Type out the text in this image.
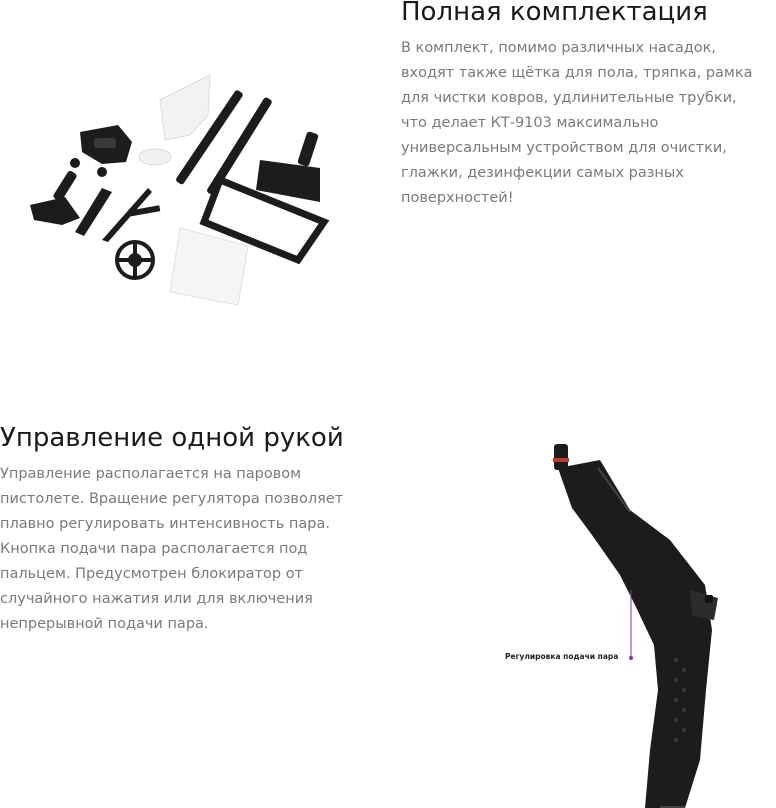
Полная комплектация

В комплект, помимо различных насадок,
входят также щётка для пола, тряпка, рамка
для чистки ковров, удлинительные трубки,
что делает КТ-9103 максимально
универсальным устройством для очистки,
глажки, дезинфекции самых разных
поверхностей!

Управление одной рукой

Управление располагается на паровом
пистолете. Вращение регулятора позволяет
плавно регулировать интенсивность пара.
Кнопка подачи пара располагается под
пальцем. Предусмотрен блокиратор от
случайного нажатия или для включения
непрерывной подачи пара.

Регулировка подачи пара
